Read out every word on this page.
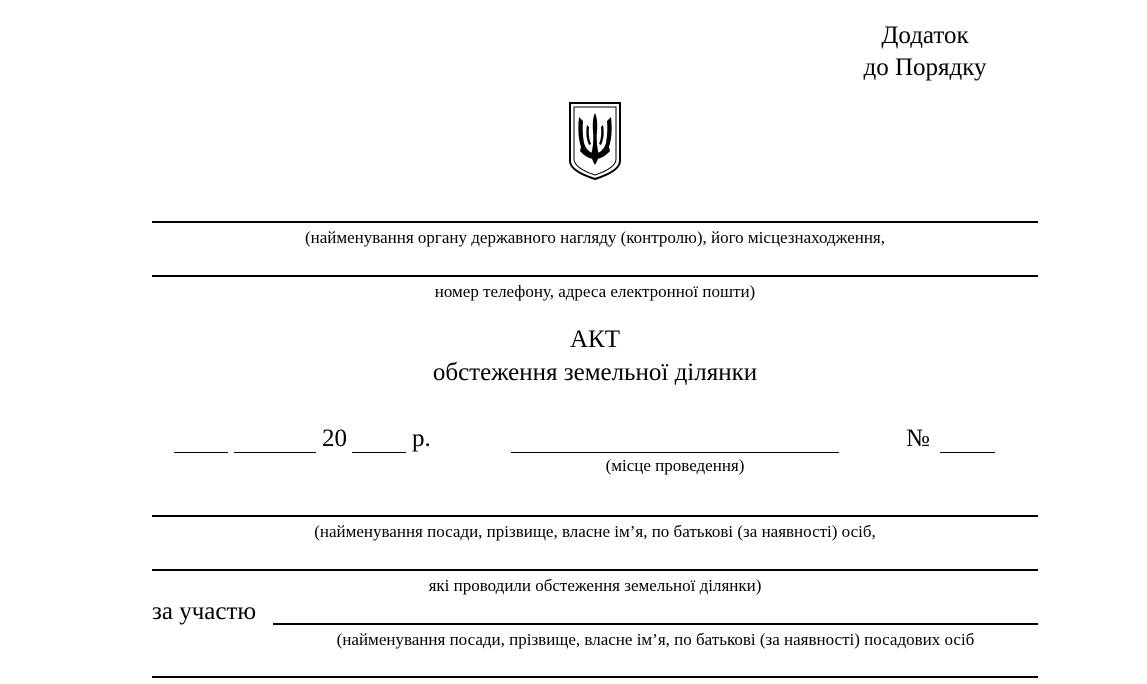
Додаток
до Порядку
(найменування органу державного нагляду (контролю), його місцезнаходження,
номер телефону, адреса електронної пошти)
АКТ
обстеження земельної ділянки
20	р.
(місце проведення)
№
(найменування посади, прізвище, власне ім’я, по батькові (за наявності) осіб,
які проводили обстеження земельної ділянки)
за участю
(найменування посади, прізвище, власне ім’я, по батькові (за наявності) посадових осіб
